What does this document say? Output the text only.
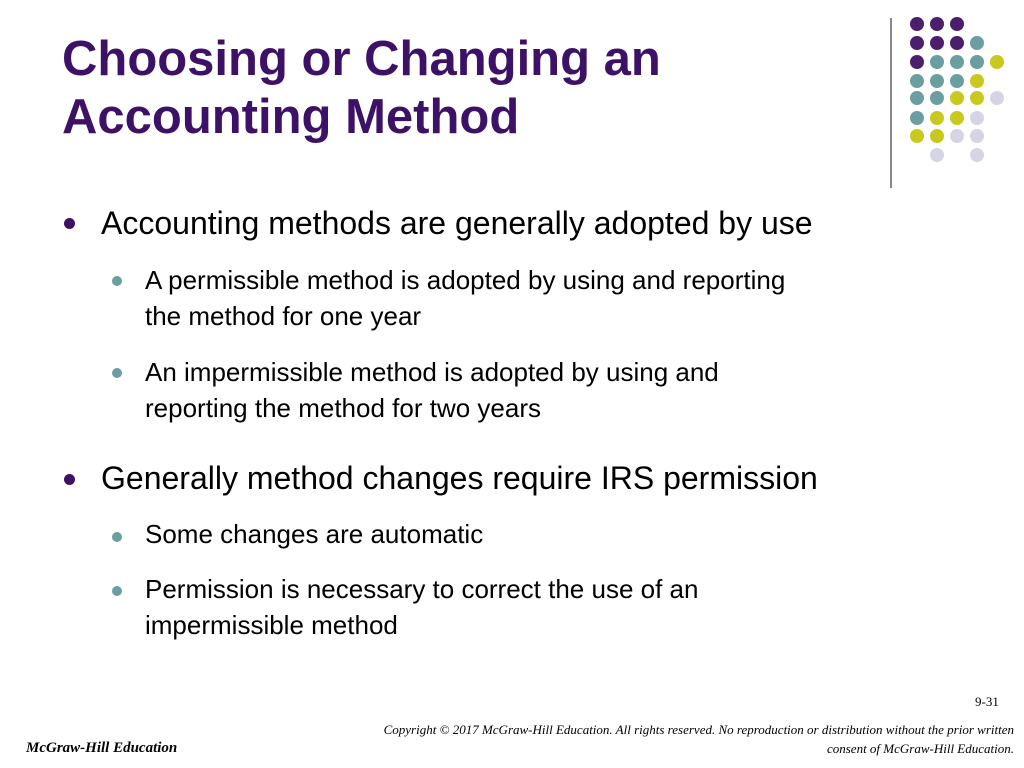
Choosing or Changing an
Accounting Method
Accounting methods are generally adopted by use
A permissible method is adopted by using and reporting
the method for one year
An impermissible method is adopted by using and
reporting the method for two years
Generally method changes require IRS permission
Some changes are automatic
Permission is necessary to correct the use of an
impermissible method
9-31
McGraw-Hill Education
Copyright © 2017 McGraw-Hill Education. All rights reserved. No reproduction or distribution without the prior written
consent of McGraw-Hill Education.
